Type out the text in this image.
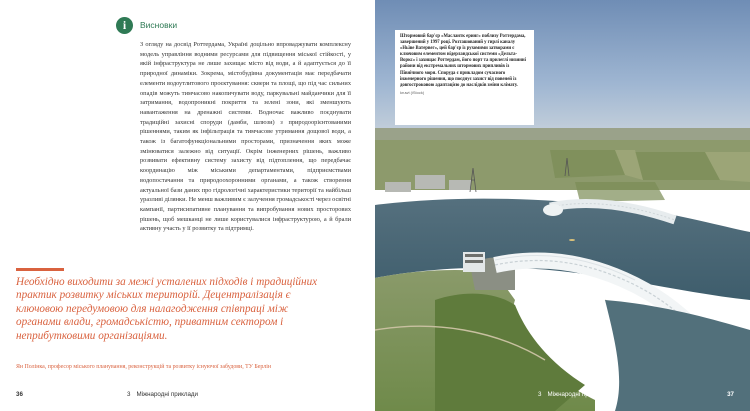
i	Висновки

З огляду на досвід Роттердама, Україні доцільно впроваджувати комплексну модель управління водними ресурсами для підвищення міської стійкості, у якій інфраструктура не лише захищає місто від води, а й адаптується до її природної динаміки. Зокрема, містобудівна документація має передбачати елементи водоутлитового проєктування: сквери та площі, що під час сильних опадів можуть тимчасово накопичувати воду, паркувальні майданчики для її затримання, водопроникні покриття та зелені зони, які зменшують навантаження на дренажні системи. Водночас важливо поєднувати традиційні захисні споруди (дамби, шлюзи) з природоорієнтованими рішеннями, таким як інфільтрація та тимчасове утримання дощової води, а також із багатофункціональними просторами, призначення яких може змінюватися залежно від ситуації. Окрім інженерних рішень, важливо розвивати ефективну систему захисту від підтоплення, що передбачає координацію між міськими департаментами, підприємствами водопостачання та природоохоронними органами, а також створення актуальної бази даних про гідрологічні характеристики території та найбільш уразливі ділянки. Не менш важливим є залучення громадськості через освітні кампанії, партисипативне планування та випробування нових просторових рішень, щоб мешканці не лише користувалися інфраструктурою, а й брали активну участь у її розвитку та підтримці.

Необхідно виходити за межі усталених підходів і традиційних практик розвитку міських територій. Децентралізація є ключовою передумовою для налагодження співпраці між органами влади, громадськістю, приватним сектором і неприбутковими організаціями.

Ян Полінка, професор міського планування, реконструкцій та розвитку існуючої забудови, ТУ Берлін

36	3 Міжнародні приклади

Штормовий бар'єр «Маслантк еринг» поблизу Роттердама, завершений у 1997 році. Розташований у гирлі каналу «Ньїве Ватервег», цей бар'єр із рухомими затворами є ключовим елементом нідерландської системи «Дельта-Воркс» і захищає Роттердам, його порт та прилеглі низинні райони від екстремальних штормових припливів із Північного моря. Споруда є прикладом сучасного інженерного рішення, що поєднує захист від повеней із довгостроковою адаптацією до наслідків зміни клімату.

kruwt (iStock)

3 Міжнародні приклади	37
